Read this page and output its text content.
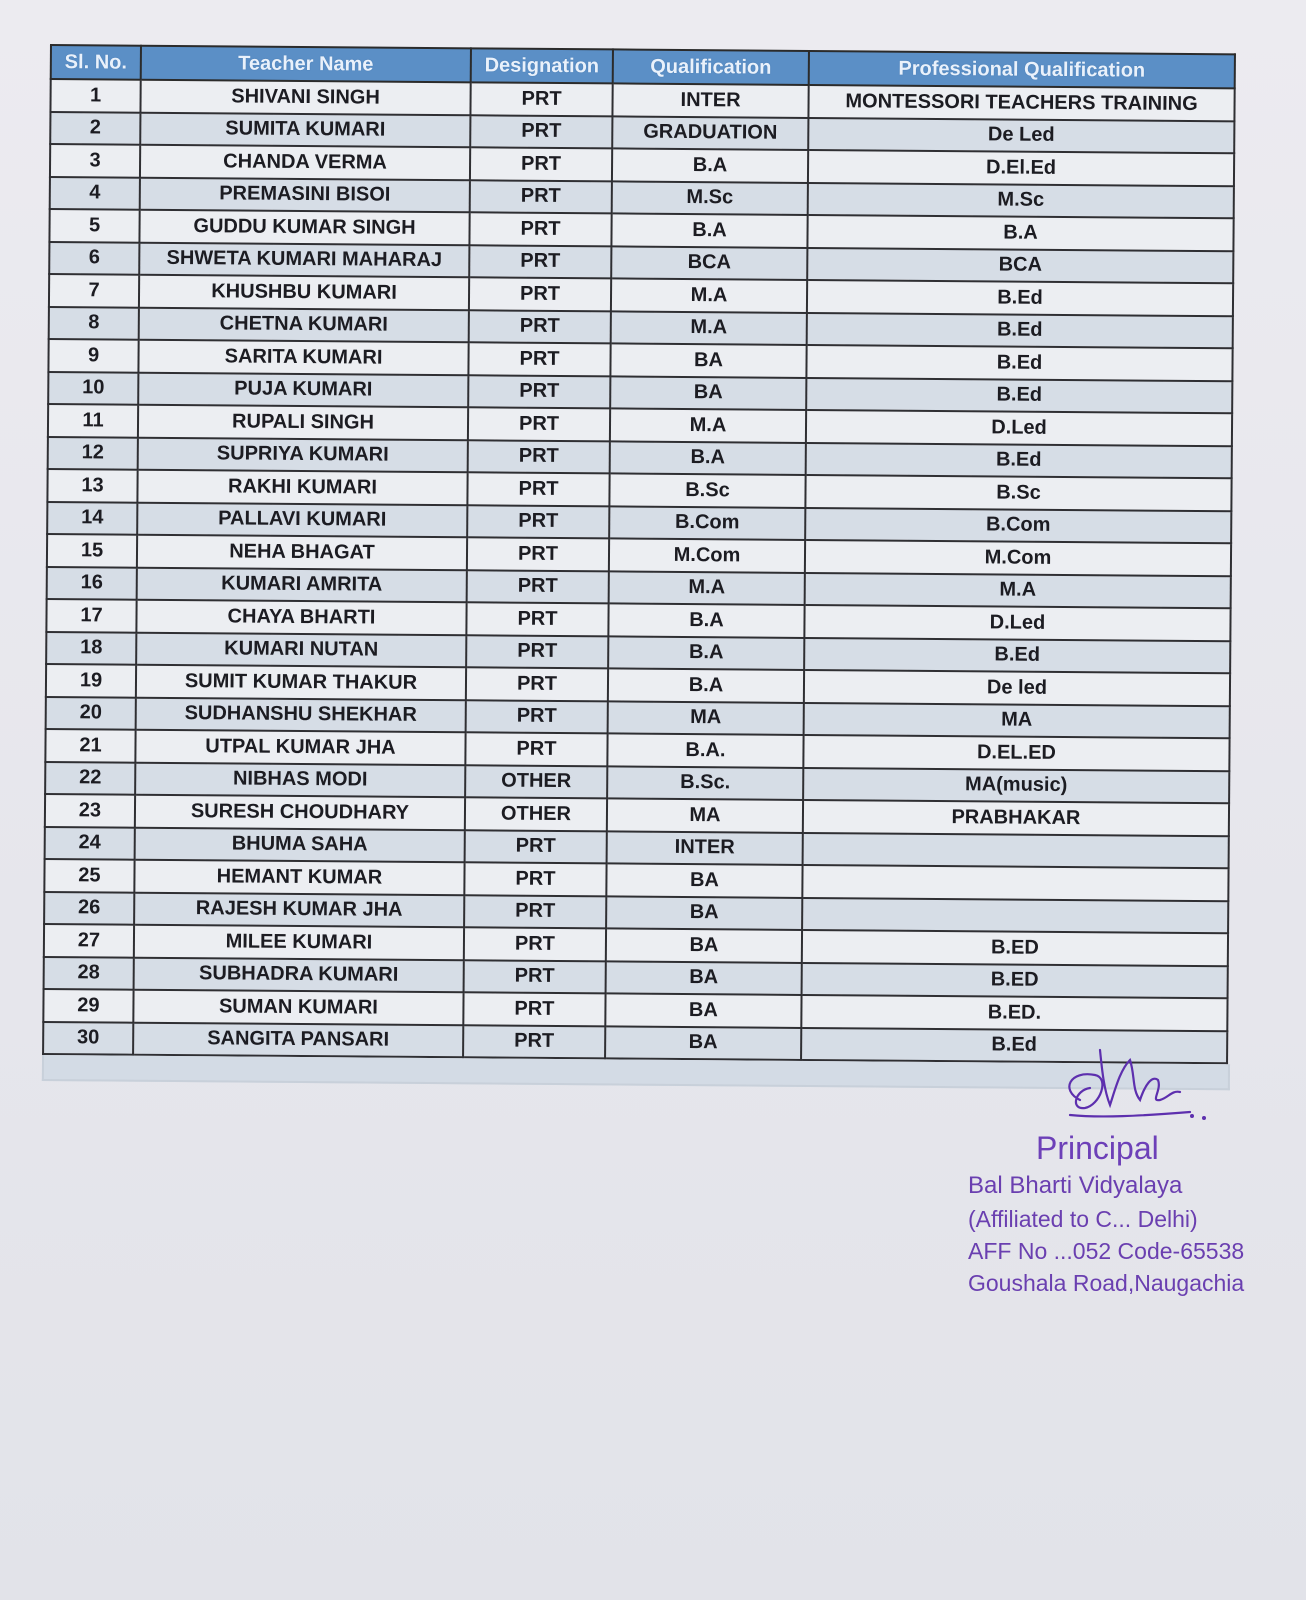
Sl. No.	Teacher Name	Designation	Qualification	Professional Qualification
1	SHIVANI SINGH	PRT	INTER	MONTESSORI TEACHERS TRAINING
2	SUMITA KUMARI	PRT	GRADUATION	De Led
3	CHANDA VERMA	PRT	B.A	D.El.Ed
4	PREMASINI BISOI	PRT	M.Sc	M.Sc
5	GUDDU KUMAR SINGH	PRT	B.A	B.A
6	SHWETA KUMARI MAHARAJ	PRT	BCA	BCA
7	KHUSHBU KUMARI	PRT	M.A	B.Ed
8	CHETNA KUMARI	PRT	M.A	B.Ed
9	SARITA KUMARI	PRT	BA	B.Ed
10	PUJA KUMARI	PRT	BA	B.Ed
11	RUPALI SINGH	PRT	M.A	D.Led
12	SUPRIYA KUMARI	PRT	B.A	B.Ed
13	RAKHI KUMARI	PRT	B.Sc	B.Sc
14	PALLAVI KUMARI	PRT	B.Com	B.Com
15	NEHA BHAGAT	PRT	M.Com	M.Com
16	KUMARI AMRITA	PRT	M.A	M.A
17	CHAYA BHARTI	PRT	B.A	D.Led
18	KUMARI NUTAN	PRT	B.A	B.Ed
19	SUMIT KUMAR THAKUR	PRT	B.A	De led
20	SUDHANSHU SHEKHAR	PRT	MA	MA
21	UTPAL KUMAR JHA	PRT	B.A.	D.EL.ED
22	NIBHAS MODI	OTHER	B.Sc.	MA(music)
23	SURESH CHOUDHARY	OTHER	MA	PRABHAKAR
24	BHUMA SAHA	PRT	INTER	
25	HEMANT KUMAR	PRT	BA	
26	RAJESH KUMAR JHA	PRT	BA	
27	MILEE KUMARI	PRT	BA	B.ED
28	SUBHADRA KUMARI	PRT	BA	B.ED
29	SUMAN KUMARI	PRT	BA	B.ED.
30	SANGITA PANSARI	PRT	BA	B.Ed
Principal
Bal Bharti Vidyalaya
(Affiliated to C... Delhi)
AFF No ...052 Code-65538
Goushala Road,Naugachia
